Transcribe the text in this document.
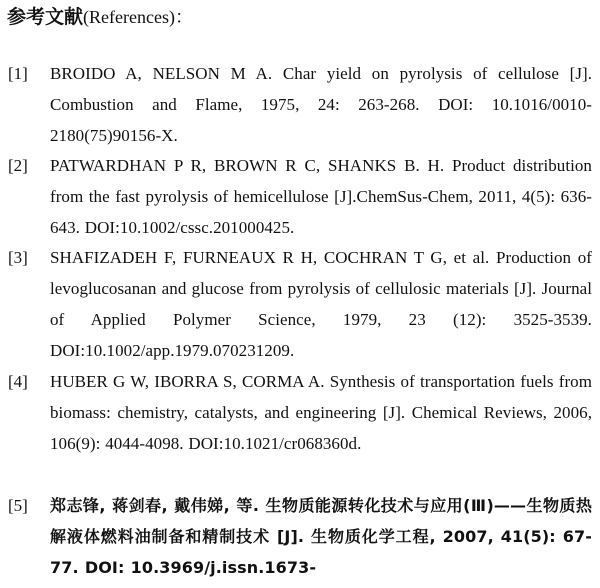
参考文献(References)：
[1] BROIDO A, NELSON M A. Char yield on pyrolysis of cellulose [J]. Combustion and Flame, 1975, 24: 263-268. DOI: 10.1016/0010-2180(75)90156-X.
[2] PATWARDHAN P R, BROWN R C, SHANKS B. H. Product distribution from the fast pyrolysis of hemicellulose [J].ChemSus-Chem, 2011, 4(5): 636-643. DOI:10.1002/cssc.201000425.
[3] SHAFIZADEH F, FURNEAUX R H, COCHRAN T G, et al. Production of levoglucosanan and glucose from pyrolysis of cellulosic materials [J]. Journal of Applied Polymer Science, 1979, 23 (12): 3525-3539. DOI:10.1002/app.1979.070231209.
[4] HUBER G W, IBORRA S, CORMA A. Synthesis of transportation fuels from biomass: chemistry, catalysts, and engineering [J]. Chemical Reviews, 2006, 106(9): 4044-4098. DOI:10.1021/cr068360d.
[5] 郑志锋, 蒋剑春, 戴伟娣, 等. 生物质能源转化技术与应用(Ⅲ)——生物质热解液体燃料油制备和精制技术 [J]. 生物质化学工程, 2007, 41(5): 67-77. DOI: 10.3969/j.issn.1673-
